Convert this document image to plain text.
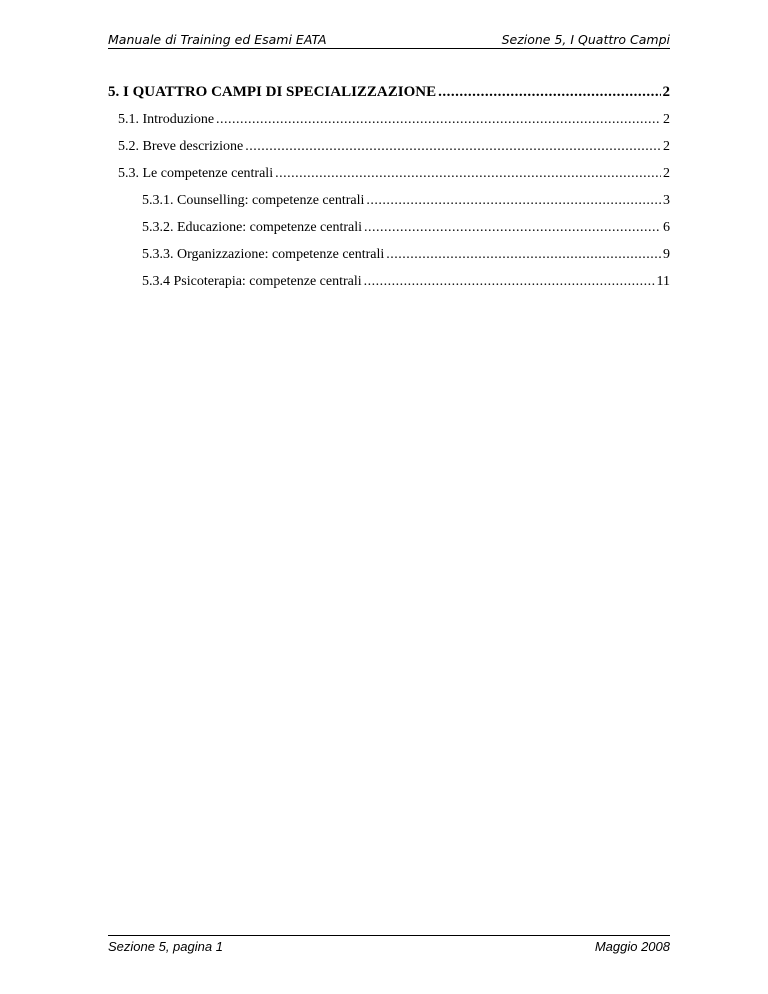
Manuale di Training ed Esami EATA	Sezione 5, I Quattro Campi
5. I QUATTRO CAMPI DI SPECIALIZZAZIONE .....	2
5.1. Introduzione .....	2
5.2. Breve descrizione .....	2
5.3. Le competenze centrali .....	2
5.3.1. Counselling: competenze centrali .....	3
5.3.2. Educazione: competenze centrali .....	6
5.3.3. Organizzazione: competenze centrali .....	9
5.3.4 Psicoterapia: competenze centrali .....	11
Sezione 5, pagina 1	Maggio 2008
